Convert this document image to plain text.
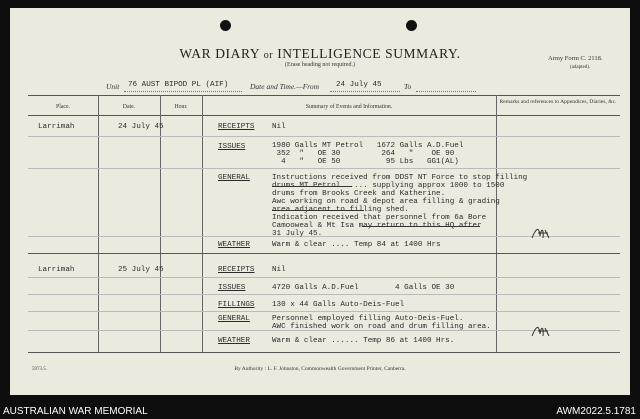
WAR DIARY or INTELLIGENCE SUMMARY.
(Erase heading not required.)
Army Form C. 2118.
(adapted).
Unit 76 AUST BIPOD PL (AIF)	Date and Time.—From 24 July 45	To
Place.	Date.	Hour.	Summary of Events and Information.
Remarks and references to Appendices, Diaries, &c.
Larrimah	24 July 45	RECEIPTS Nil
ISSUES	1980 Galls MT Petrol   1672 Galls A.D.Fuel
352  "   OE 30         264   "    OE 90
4   "   OE 50          95 Lbs   GG1(AL)
GENERAL	Instructions received from DDST NT Force to stop filling
drums MT Petrol ..... supplying approx 1000 to 1500
drums from Brooks Creek and Katherine.
Awc working on road & depot area filling & grading
area adjacent to filling shed.
Indication received that personnel from 6a Bore
Camooweal & Mt Isa may return to this HQ after
31 July 45.
WEATHER	Warm & clear .... Temp 84 at 1400 Hrs
Larrimah	25 July 45	RECEIPTS Nil
ISSUES	4720 Galls A.D.Fuel        4 Galls OE 30
FILLINGS 130 x 44 Galls Auto-Deis-Fuel
GENERAL	Personnel employed filling Auto-Deis-Fuel.
AWC finished work on road and drum filling area.
WEATHER	Warm & clear ...... Temp 86 at 1400 Hrs.
5973.5.	By Authority : L. F. Johnston, Commonwealth Government Printer, Canberra.
AUSTRALIAN WAR MEMORIAL	AWM2022.5.1781
